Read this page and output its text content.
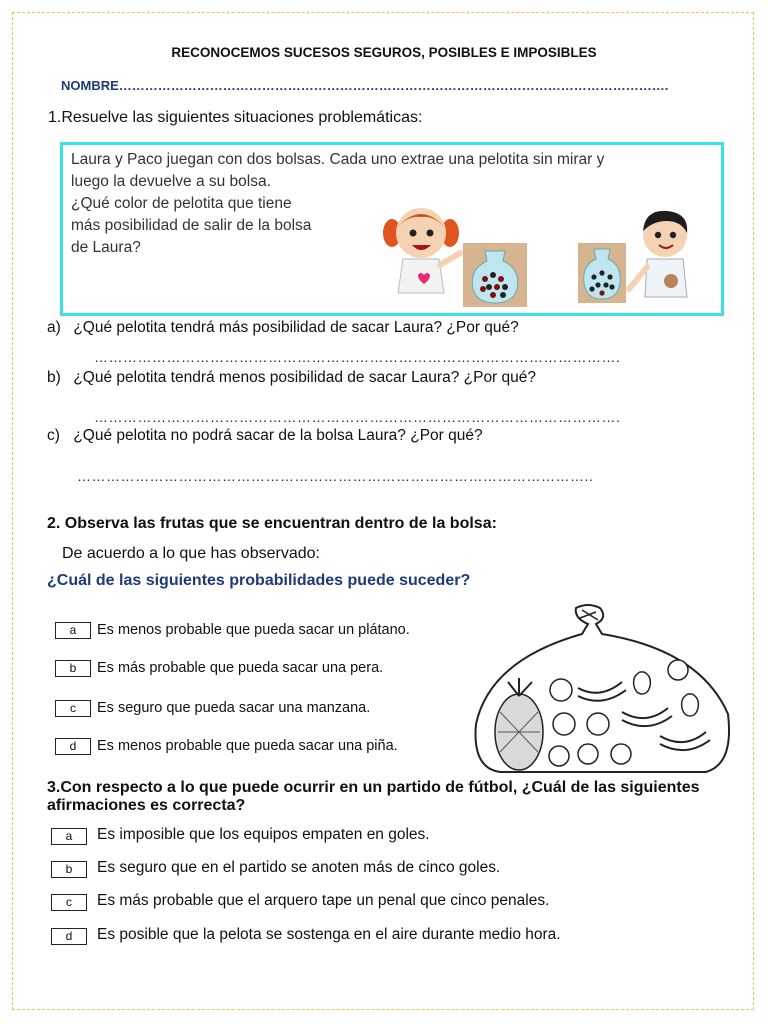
RECONOCEMOS SUCESOS SEGUROS, POSIBLES E IMPOSIBLES
NOMBRE……………………………………………………………………………………………………………….
1.Resuelve las siguientes situaciones problemáticas:
Laura y Paco juegan con dos bolsas. Cada uno extrae una pelotita sin mirar y
luego la devuelve a su bolsa.
¿Qué color de pelotita que tiene
más posibilidad de salir de la bolsa
de Laura?
a) ¿Qué pelotita tendrá más posibilidad de sacar Laura? ¿Por qué?
……………………………………………………………………………………………….
b) ¿Qué pelotita tendrá menos posibilidad de sacar Laura? ¿Por qué?
……………………………………………………………………………………………….
c) ¿Qué pelotita no podrá sacar de la bolsa Laura? ¿Por qué?
……………………………………………………………………………………………..
2. Observa las frutas que se encuentran dentro de la bolsa:
De acuerdo a lo que has observado:
¿Cuál de las siguientes probabilidades puede suceder?
a	Es menos probable que pueda sacar un plátano.
b	Es más probable que pueda sacar una pera.
c	Es seguro que pueda sacar una manzana.
d	Es menos probable que pueda sacar una piña.
3.Con respecto a lo que puede ocurrir en un partido de fútbol, ¿Cuál de las siguientes afirmaciones es correcta?
a	Es imposible que los equipos empaten en goles.
b	Es seguro que en el partido se anoten más de cinco goles.
c	Es más probable que el arquero tape un penal que cinco penales.
d	Es posible que la pelota se sostenga en el aire durante medio hora.
